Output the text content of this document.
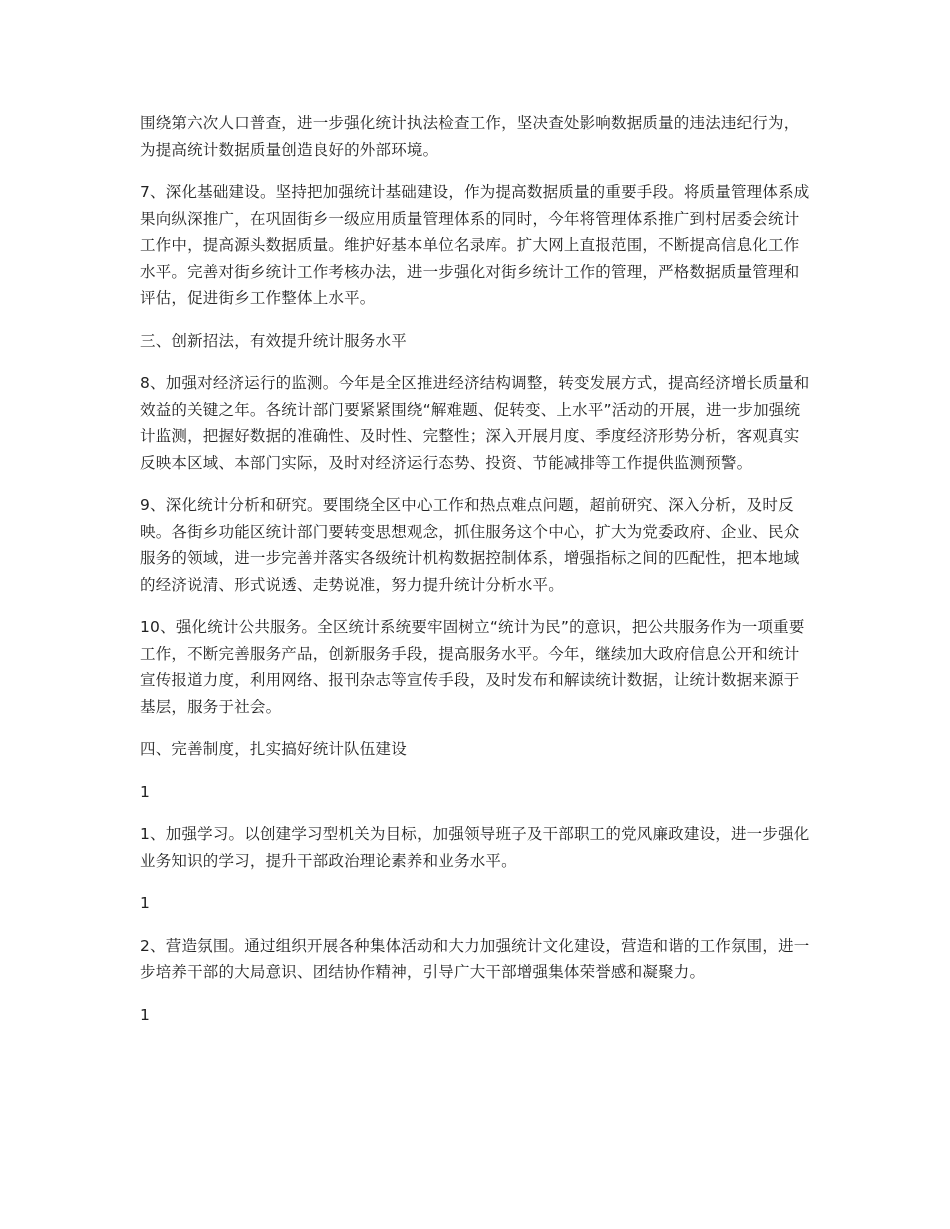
围绕第六次人口普查，进一步强化统计执法检查工作，坚决查处影响数据质量的违法违纪行为，为提高统计数据质量创造良好的外部环境。

7、深化基础建设。坚持把加强统计基础建设，作为提高数据质量的重要手段。将质量管理体系成果向纵深推广，在巩固街乡一级应用质量管理体系的同时，今年将管理体系推广到村居委会统计工作中，提高源头数据质量。维护好基本单位名录库。扩大网上直报范围，不断提高信息化工作水平。完善对街乡统计工作考核办法，进一步强化对街乡统计工作的管理，严格数据质量管理和评估，促进街乡工作整体上水平。

三、创新招法，有效提升统计服务水平

8、加强对经济运行的监测。今年是全区推进经济结构调整，转变发展方式，提高经济增长质量和效益的关键之年。各统计部门要紧紧围绕“解难题、促转变、上水平”活动的开展，进一步加强统计监测，把握好数据的准确性、及时性、完整性；深入开展月度、季度经济形势分析，客观真实反映本区域、本部门实际，及时对经济运行态势、投资、节能减排等工作提供监测预警。

9、深化统计分析和研究。要围绕全区中心工作和热点难点问题，超前研究、深入分析，及时反映。各街乡功能区统计部门要转变思想观念，抓住服务这个中心，扩大为党委政府、企业、民众服务的领域，进一步完善并落实各级统计机构数据控制体系，增强指标之间的匹配性，把本地域的经济说清、形式说透、走势说准，努力提升统计分析水平。

10、强化统计公共服务。全区统计系统要牢固树立“统计为民”的意识，把公共服务作为一项重要工作，不断完善服务产品，创新服务手段，提高服务水平。今年，继续加大政府信息公开和统计宣传报道力度，利用网络、报刊杂志等宣传手段，及时发布和解读统计数据，让统计数据来源于基层，服务于社会。

四、完善制度，扎实搞好统计队伍建设

1

1、加强学习。以创建学习型机关为目标，加强领导班子及干部职工的党风廉政建设，进一步强化业务知识的学习，提升干部政治理论素养和业务水平。

1

2、营造氛围。通过组织开展各种集体活动和大力加强统计文化建设，营造和谐的工作氛围，进一步培养干部的大局意识、团结协作精神，引导广大干部增强集体荣誉感和凝聚力。

1
